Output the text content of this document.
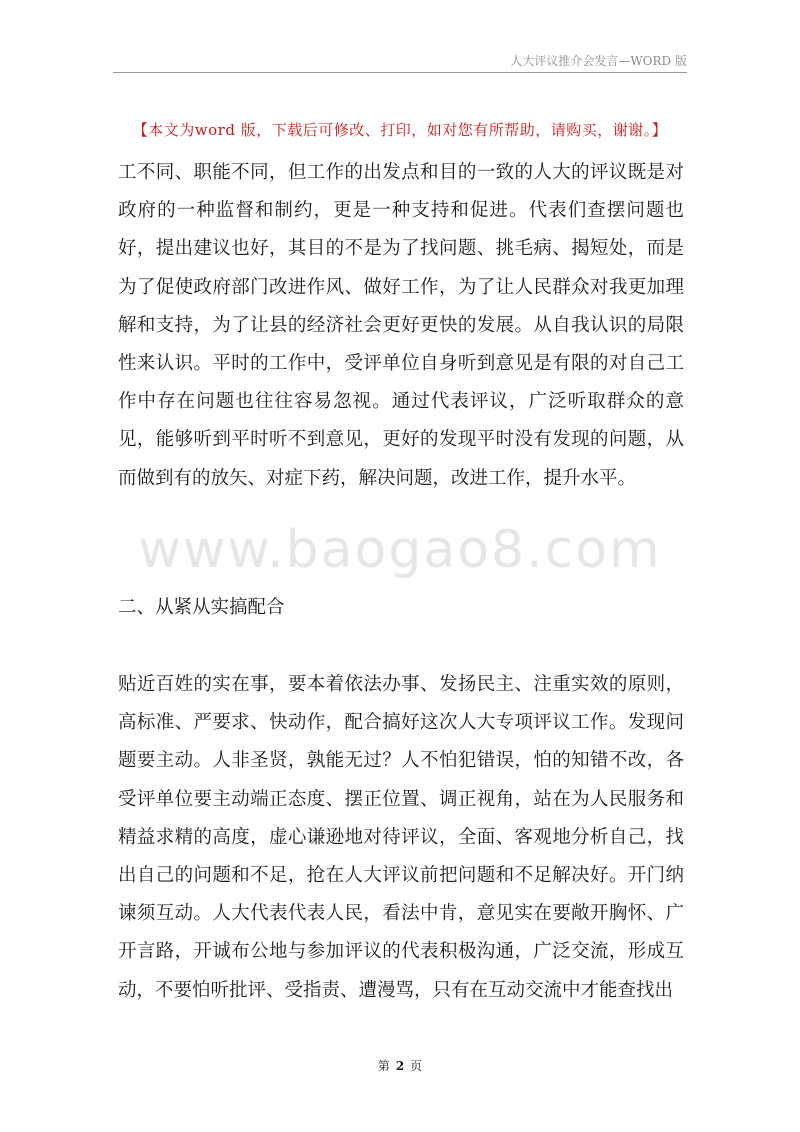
人大评议推介会发言—WORD 版
【本文为word 版，下载后可修改、打印，如对您有所帮助，请购买，谢谢。】
www.baogao8.com

工不同、职能不同，但工作的出发点和目的一致的人大的评议既是对政府的一种监督和制约，更是一种支持和促进。代表们查摆问题也好，提出建议也好，其目的不是为了找问题、挑毛病、揭短处，而是为了促使政府部门改进作风、做好工作，为了让人民群众对我更加理解和支持，为了让县的经济社会更好更快的发展。从自我认识的局限性来认识。平时的工作中，受评单位自身听到意见是有限的对自己工作中存在问题也往往容易忽视。通过代表评议，广泛听取群众的意见，能够听到平时听不到意见，更好的发现平时没有发现的问题，从而做到有的放矢、对症下药，解决问题，改进工作，提升水平。

二、从紧从实搞配合

贴近百姓的实在事，要本着依法办事、发扬民主、注重实效的原则，高标准、严要求、快动作，配合搞好这次人大专项评议工作。发现问题要主动。人非圣贤，孰能无过？人不怕犯错误，怕的知错不改，各受评单位要主动端正态度、摆正位置、调正视角，站在为人民服务和精益求精的高度，虚心谦逊地对待评议，全面、客观地分析自己，找出自己的问题和不足，抢在人大评议前把问题和不足解决好。开门纳谏须互动。人大代表代表人民，看法中肯，意见实在要敞开胸怀、广开言路，开诚布公地与参加评议的代表积极沟通，广泛交流，形成互动，不要怕听批评、受指责、遭漫骂，只有在互动交流中才能查找出

第 2 页
